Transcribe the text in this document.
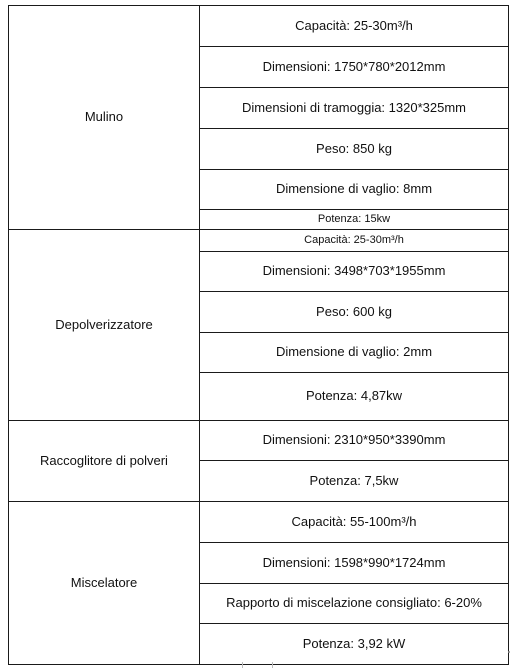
Mulino	Capacità: 25-30m³/h
	Dimensioni: 1750*780*2012mm
	Dimensioni di tramoggia: 1320*325mm
	Peso: 850 kg
	Dimensione di vaglio: 8mm
	Potenza: 15kw
Depolverizzatore	Capacità: 25-30m³/h
	Dimensioni: 3498*703*1955mm
	Peso: 600 kg
	Dimensione di vaglio: 2mm
	Potenza: 4,87kw
Raccoglitore di polveri	Dimensioni: 2310*950*3390mm
	Potenza: 7,5kw
Miscelatore	Capacità: 55-100m³/h
	Dimensioni: 1598*990*1724mm
	Rapporto di miscelazione consigliato: 6-20%
	Potenza: 3,92 kW
